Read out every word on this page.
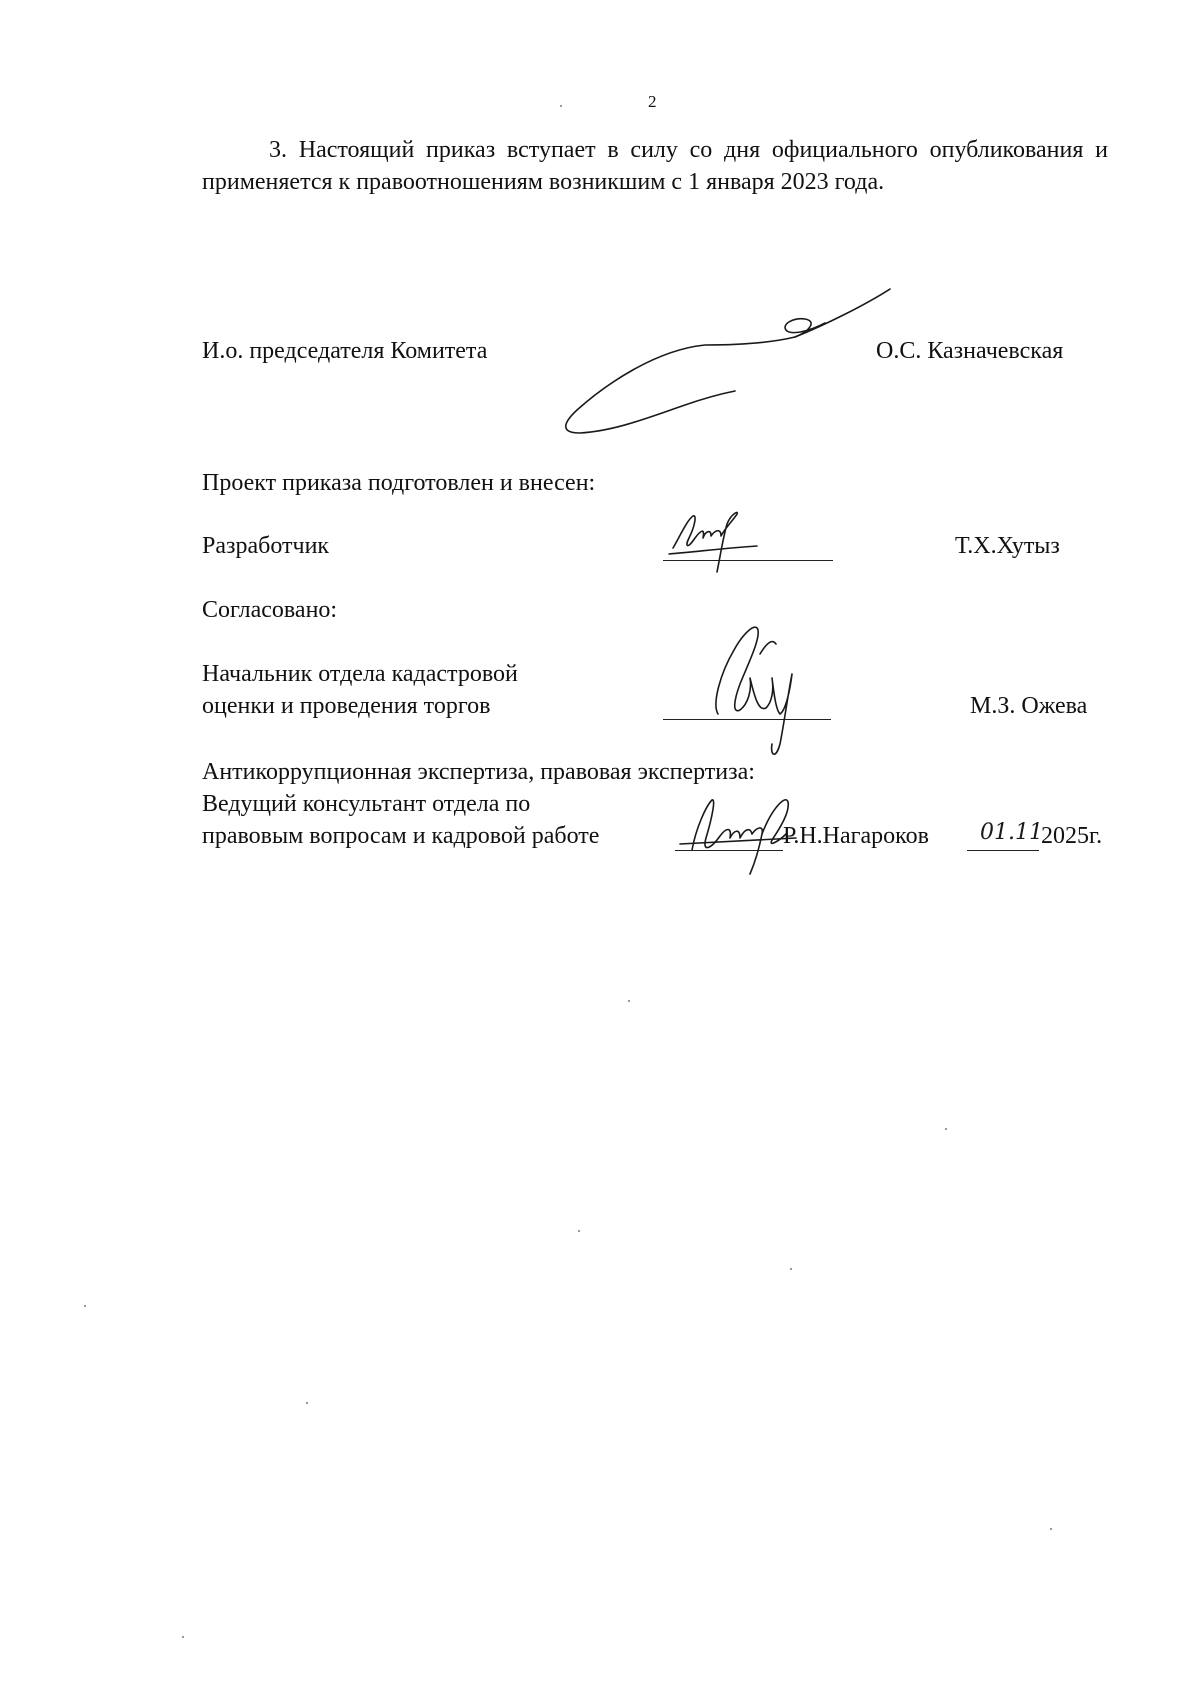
2
3. Настоящий приказ вступает в силу со дня официального опубликования и применяется к правоотношениям возникшим с 1 января 2023 года.
И.о. председателя Комитета	О.С. Казначевская
Проект приказа подготовлен и внесен:
Разработчик	Т.Х.Хутыз
Согласовано:
Начальник отдела кадастровой
оценки и проведения торгов	М.З. Ожева
Антикоррупционная экспертиза, правовая экспертиза:
Ведущий консультант отдела по
правовым вопросам и кадровой работе	Р.Н.Нагароков 01.11
2025г.
